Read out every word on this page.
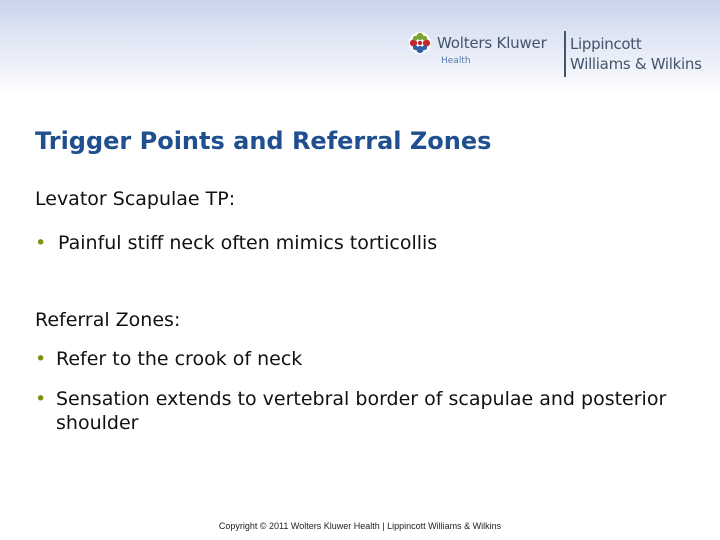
Wolters Kluwer
Health
Lippincott
Williams & Wilkins
Trigger Points and Referral Zones

Levator Scapulae TP:

• Painful stiff neck often mimics torticollis

Referral Zones:

• Refer to the crook of neck
• Sensation extends to vertebral border of scapulae and posterior shoulder
Copyright © 2011 Wolters Kluwer Health | Lippincott Williams & Wilkins
